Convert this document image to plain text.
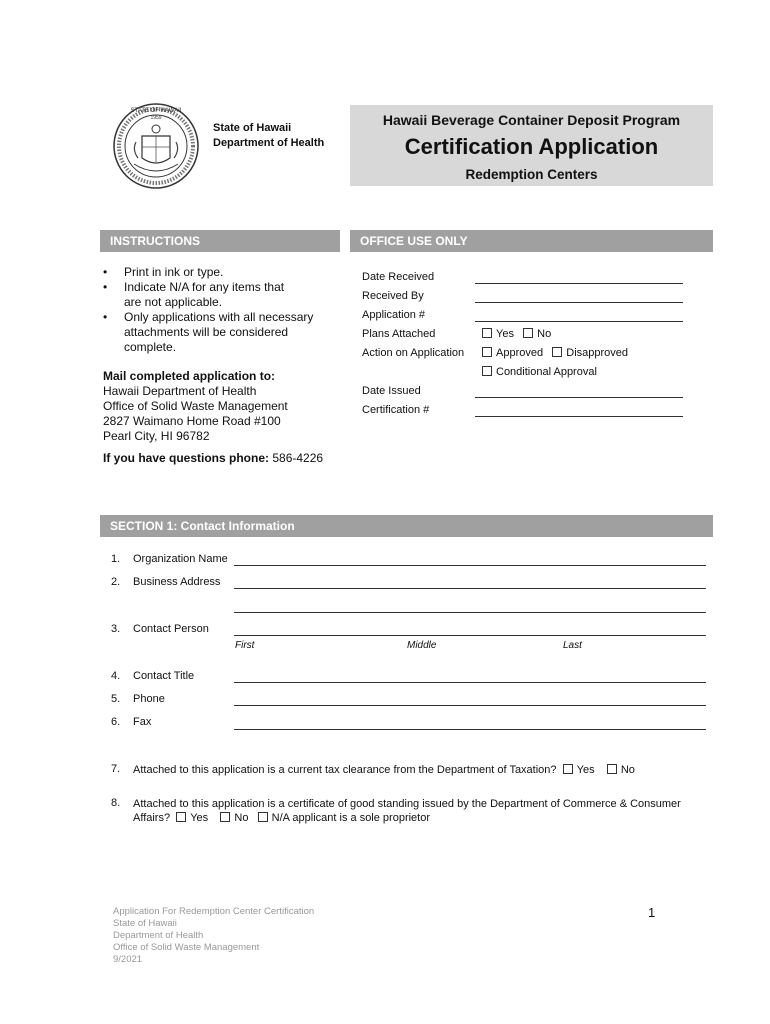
STATE OF HAWAII
1959
State of Hawaii
Department of Health
Hawaii Beverage Container Deposit Program
Certification Application
Redemption Centers
INSTRUCTIONS
• Print in ink or type.
• Indicate N/A for any items that are not applicable.
• Only applications with all necessary attachments will be considered complete.
Mail completed application to:
Hawaii Department of Health
Office of Solid Waste Management
2827 Waimano Home Road #100
Pearl City, HI 96782
If you have questions phone: 586-4226
OFFICE USE ONLY
Date Received
Received By
Application #
Plans Attached	Yes No
Action on Application	Approved Disapproved
Conditional Approval
Date Issued
Certification #
SECTION 1: Contact Information
1. Organization Name
2. Business Address
3. Contact Person
First	Middle	Last
4. Contact Title
5. Phone
6. Fax
7. Attached to this application is a current tax clearance from the Department of Taxation? Yes No
8. Attached to this application is a certificate of good standing issued by the Department of Commerce & Consumer
Affairs? Yes No N/A applicant is a sole proprietor
Application For Redemption Center Certification
State of Hawaii
Department of Health
Office of Solid Waste Management
9/2021
1
